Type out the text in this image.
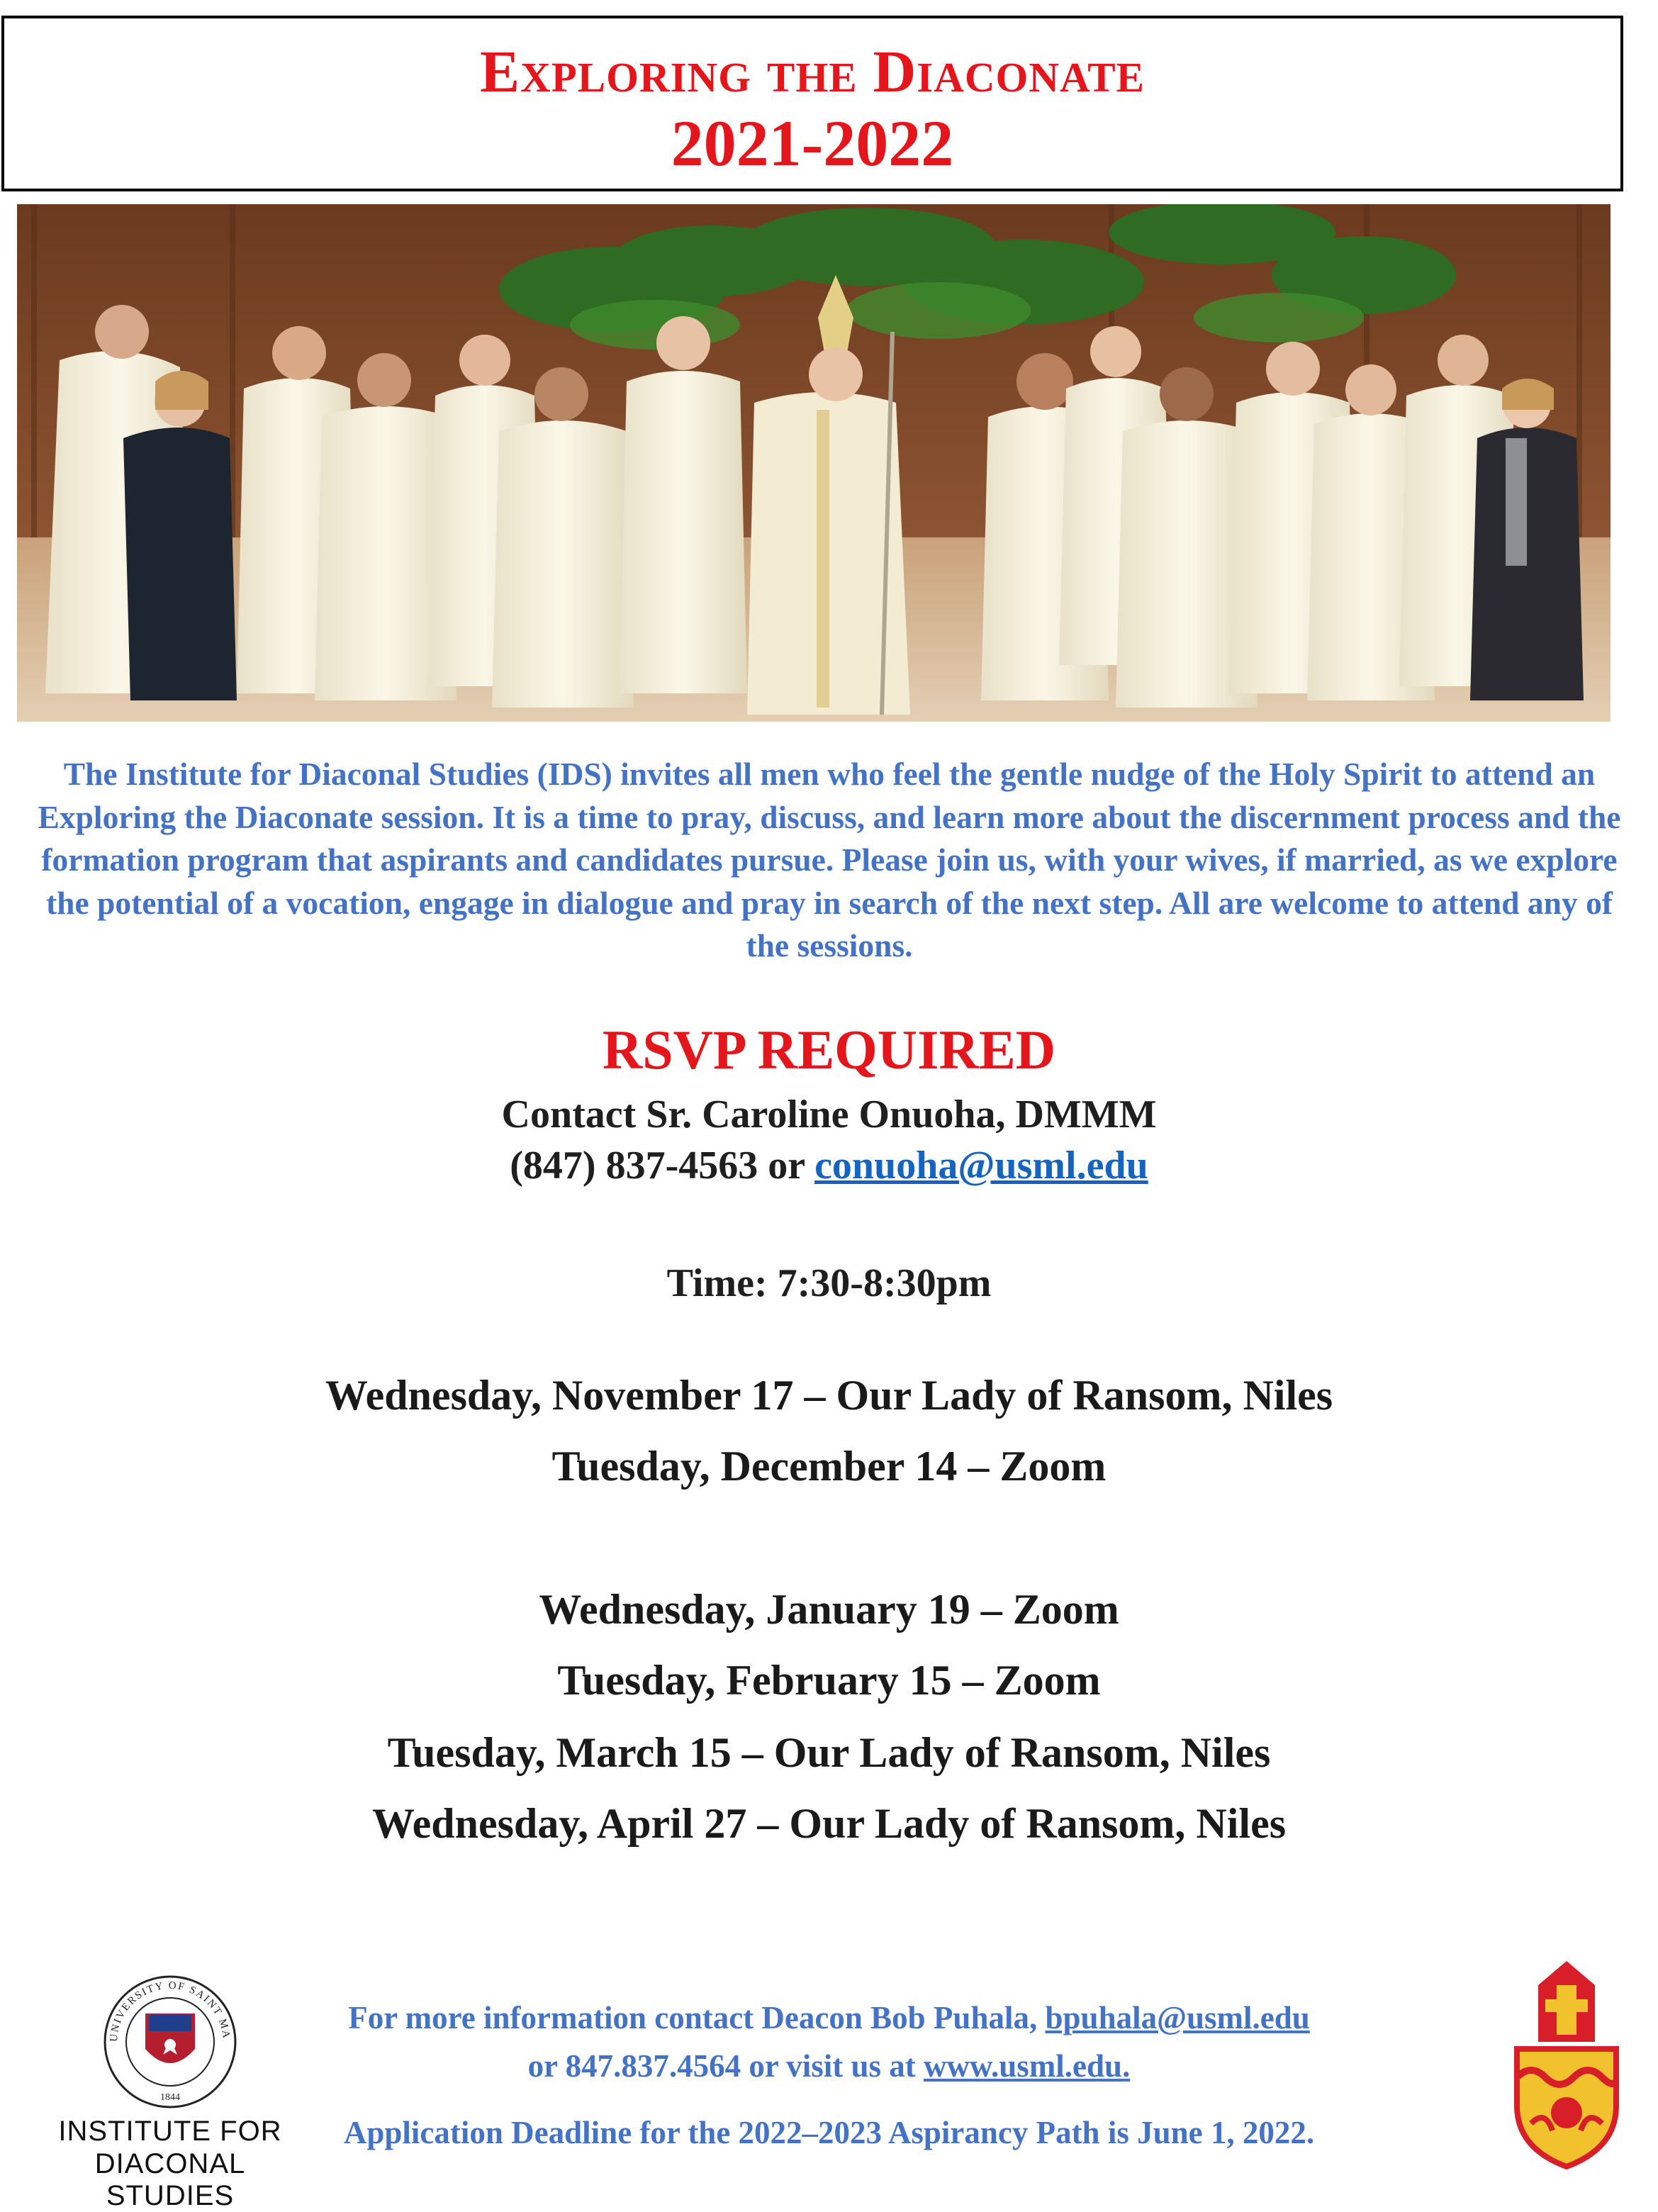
Exploring the Diaconate
2021-2022
The Institute for Diaconal Studies (IDS) invites all men who feel the gentle nudge of the Holy Spirit to attend an Exploring the Diaconate session. It is a time to pray, discuss, and learn more about the discernment process and the formation program that aspirants and candidates pursue. Please join us, with your wives, if married, as we explore the potential of a vocation, engage in dialogue and pray in search of the next step. All are welcome to attend any of the sessions.
RSVP REQUIRED
Contact Sr. Caroline Onuoha, DMMM
(847) 837-4563 or conuoha@usml.edu
Time: 7:30-8:30pm
Wednesday, November 17 – Our Lady of Ransom, Niles
Tuesday, December 14 – Zoom
Wednesday, January 19 – Zoom
Tuesday, February 15 – Zoom
Tuesday, March 15 – Our Lady of Ransom, Niles
Wednesday, April 27 – Our Lady of Ransom, Niles
UNIVERSITY OF SAINT MA
1844
INSTITUTE FOR
DIACONAL STUDIES
For more information contact Deacon Bob Puhala, bpuhala@usml.edu
or 847.837.4564 or visit us at www.usml.edu.
Application Deadline for the 2022–2023 Aspirancy Path is June 1, 2022.
